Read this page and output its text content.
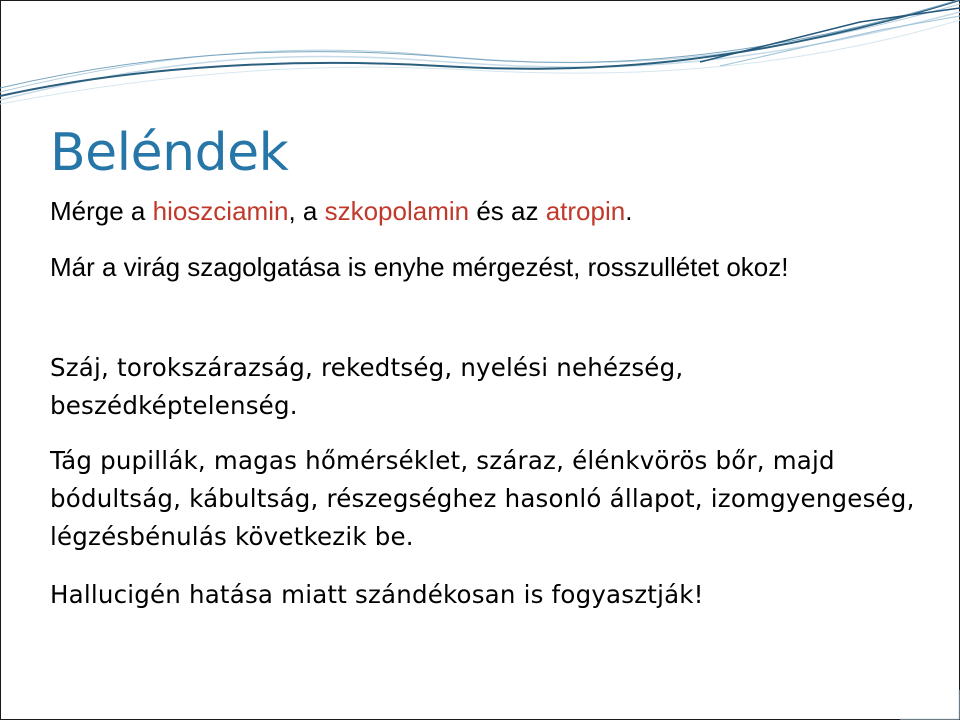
Beléndek

Mérge a hioszciamin, a szkopolamin és az atropin.

Már a virág szagolgatása is enyhe mérgezést, rosszullétet okoz!

Száj, torokszárazság, rekedtség, nyelési nehézség, beszédképtelenség.

Tág pupillák, magas hőmérséklet, száraz, élénkvörös bőr, majd bódultság, kábultság, részegséghez hasonló állapot, izomgyengeség, légzésbénulás következik be.

Hallucigén hatása miatt szándékosan is fogyasztják!
